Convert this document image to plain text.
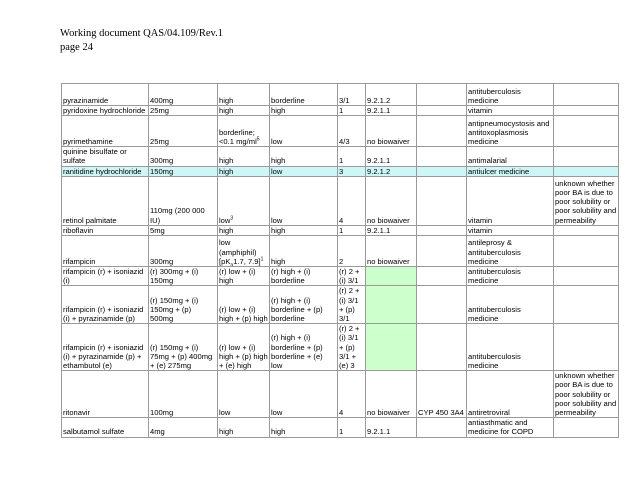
Working document QAS/04.109/Rev.1
page 24
pyrazinamide	400mg	high	borderline	3/1	9.2.1.2		antituberculosis medicine	
pyridoxine hydrochloride	25mg	high	high	1	9.2.1.1		vitamin	
pyrimethamine	25mg	borderline; <0.1 $mg/ml^5$	low	4/3	no biowaiver		antipneumocystosis and antitoxoplasmosis medicine	
quinine bisulfate or sulfate	300mg	high	high	1	9.2.1.1		antimalarial	
ranitidine hydrochloride	150mg	high	low	3	9.2.1.2		antiulcer medicine	
retinol palmitate	110mg (200 000 IU)	low$^3$	low	4	no biowaiver		vitamin	unknown whether poor BA is due to poor solubility or poor solubility and permeability
riboflavin	5mg	high	high	1	9.2.1.1		vitamin	
rifampicin	300mg	low (amphiphil) [$pK_a1.7$, 7.9]$^1$	high	2	no biowaiver		antileprosy & antituberculosis medicine	
rifampicin (r) + isoniazid (i)	(r) 300mg + (i) 150mg	(r) low + (i) high	(r) high + (i) borderline	(r) 2 + (i) 3/1			antituberculosis medicine	
rifampicin (r) + isoniazid (i) + pyrazinamide (p)	(r) 150mg + (i) 150mg + (p) 500mg	(r) low + (i) high + (p) high	(r) high + (i) borderline + (p) borderline	(r) 2 + (i) 3/1 + (p) 3/1			antituberculosis medicine	
rifampicin (r) + isoniazid (i) + pyrazinamide (p) + ethambutol (e)	(r) 150mg + (i) 75mg + (p) 400mg + (e) 275mg	(r) low + (i) high + (p) high + (e) high	(r) high + (i) borderline + (p) borderline + (e) low	(r) 2 + (i) 3/1 + (p) 3/1 + (e) 3			antituberculosis medicine	
ritonavir	100mg	low	low	4	no biowaiver	CYP 450 3A4	antiretroviral	unknown whether poor BA is due to poor solubility or poor solubility and permeability
salbutamol sulfate	4mg	high	high	1	9.2.1.1		antiasthmatic and medicine for COPD	
